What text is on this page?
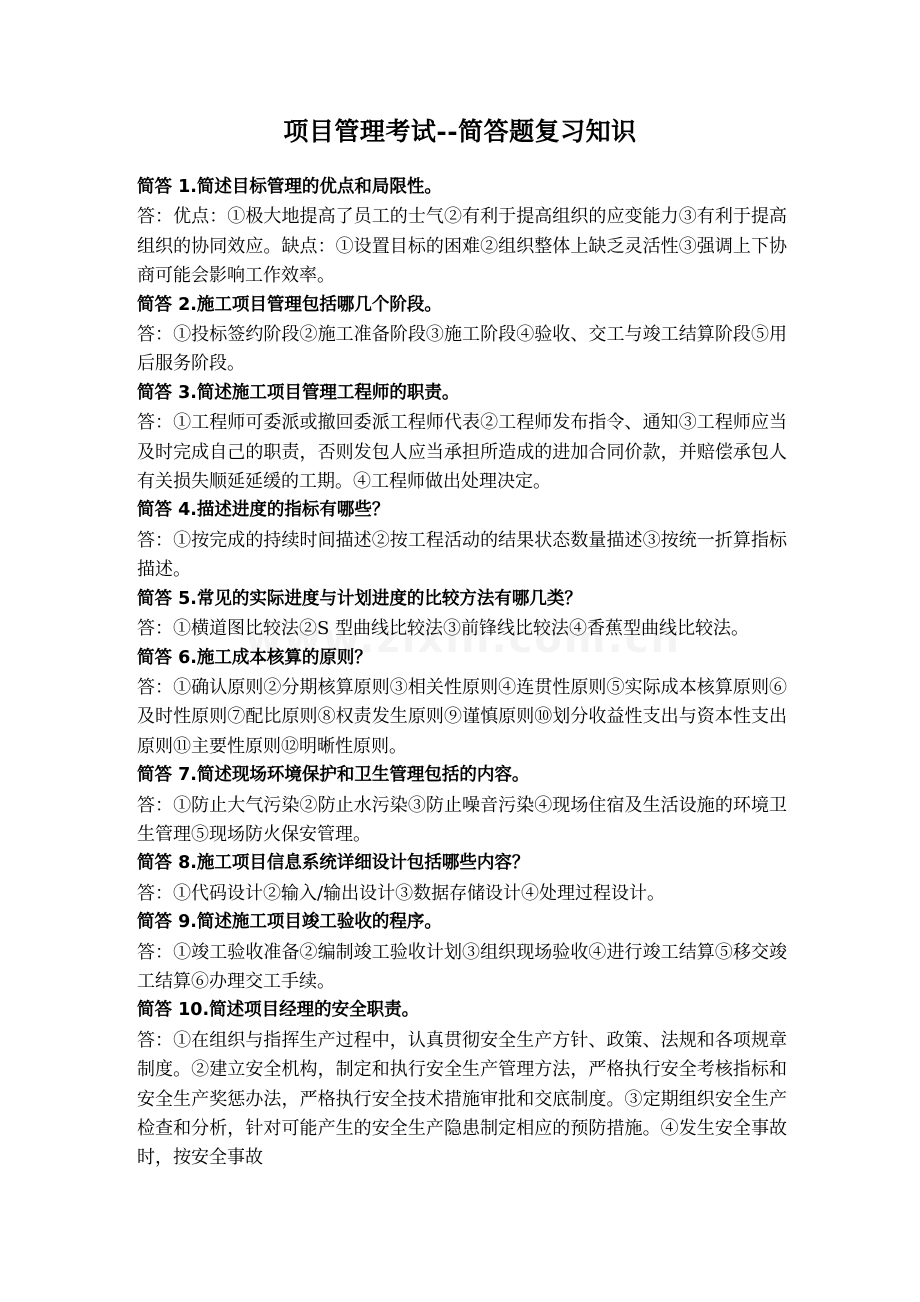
项目管理考试--简答题复习知识

简答 1.简述目标管理的优点和局限性。

答：优点：①极大地提高了员工的士气②有利于提高组织的应变能力③有利于提高组织的协同效应。缺点：①设置目标的困难②组织整体上缺乏灵活性③强调上下协商可能会影响工作效率。

简答 2.施工项目管理包括哪几个阶段。

答：①投标签约阶段②施工准备阶段③施工阶段④验收、交工与竣工结算阶段⑤用后服务阶段。

简答 3.简述施工项目管理工程师的职责。

答：①工程师可委派或撤回委派工程师代表②工程师发布指令、通知③工程师应当及时完成自己的职责，否则发包人应当承担所造成的进加合同价款，并赔偿承包人有关损失顺延延缓的工期。④工程师做出处理决定。

简答 4.描述进度的指标有哪些？

答：①按完成的持续时间描述②按工程活动的结果状态数量描述③按统一折算指标描述。

简答 5.常见的实际进度与计划进度的比较方法有哪几类？

答：①横道图比较法②S 型曲线比较法③前锋线比较法④香蕉型曲线比较法。

简答 6.施工成本核算的原则？

答：①确认原则②分期核算原则③相关性原则④连贯性原则⑤实际成本核算原则⑥及时性原则⑦配比原则⑧权责发生原则⑨谨慎原则⑩划分收益性支出与资本性支出原则⑪主要性原则⑫明晰性原则。

简答 7.简述现场环境保护和卫生管理包括的内容。

答：①防止大气污染②防止水污染③防止噪音污染④现场住宿及生活设施的环境卫生管理⑤现场防火保安管理。

简答 8.施工项目信息系统详细设计包括哪些内容？

答：①代码设计②输入/输出设计③数据存储设计④处理过程设计。

简答 9.简述施工项目竣工验收的程序。

答：①竣工验收准备②编制竣工验收计划③组织现场验收④进行竣工结算⑤移交竣工结算⑥办理交工手续。

简答 10.简述项目经理的安全职责。

答：①在组织与指挥生产过程中，认真贯彻安全生产方针、政策、法规和各项规章制度。②建立安全机构，制定和执行安全生产管理方法，严格执行安全考核指标和安全生产奖惩办法，严格执行安全技术措施审批和交底制度。③定期组织安全生产检查和分析，针对可能产生的安全生产隐患制定相应的预防措施。④发生安全事故时，按安全事故
